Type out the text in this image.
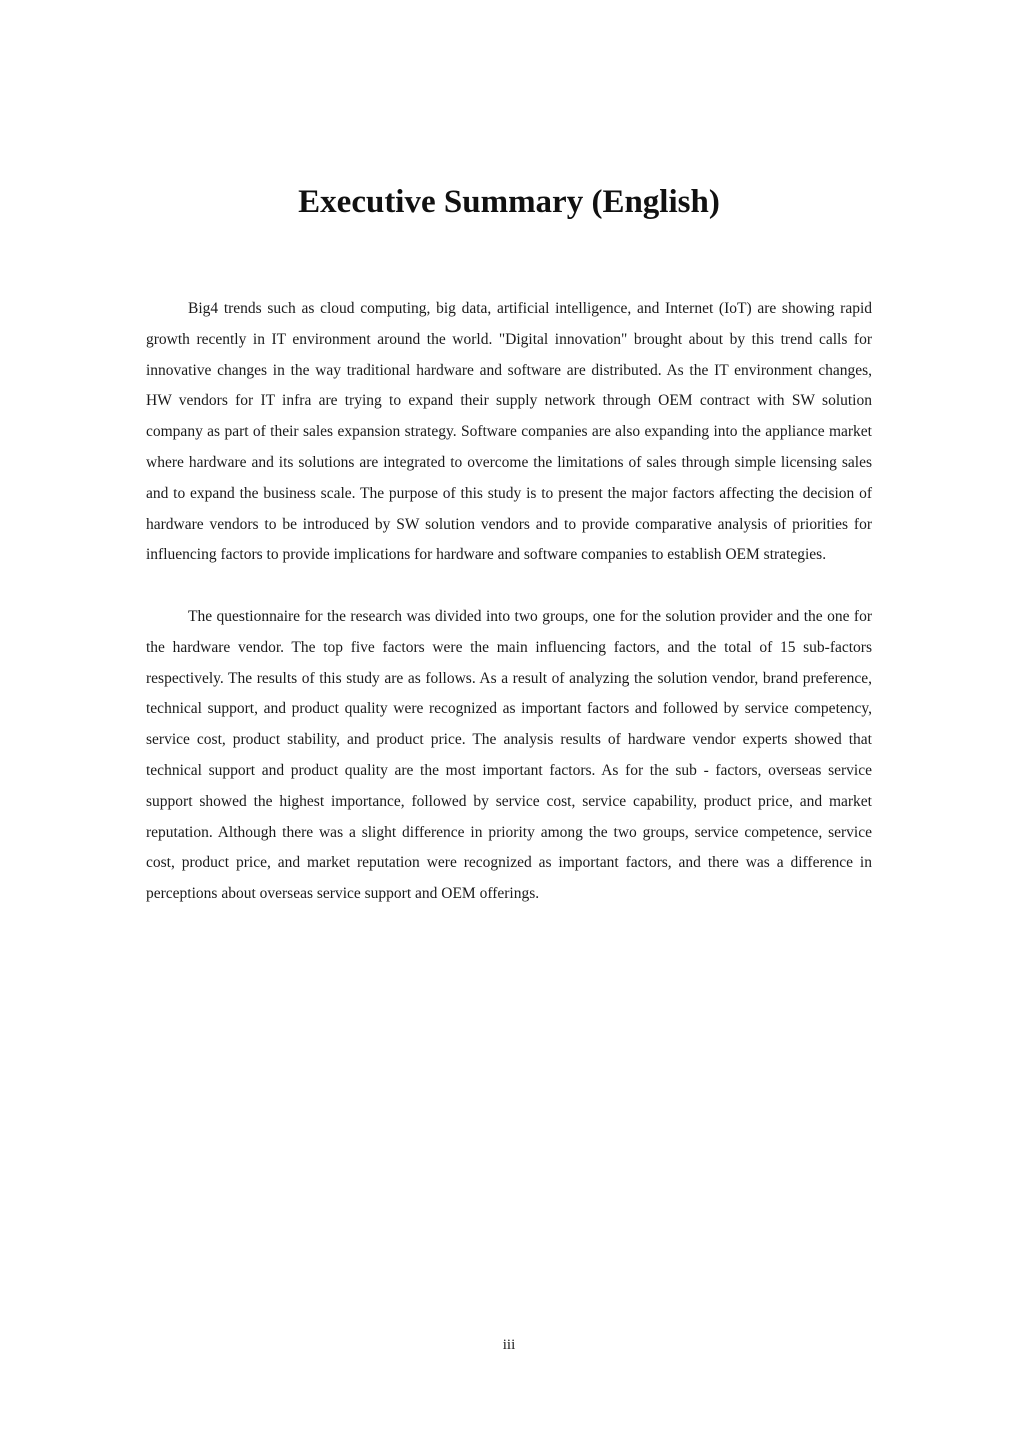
Executive Summary (English)

Big4 trends such as cloud computing, big data, artificial intelligence, and Internet (IoT) are showing rapid growth recently in IT environment around the world. "Digital innovation" brought about by this trend calls for innovative changes in the way traditional hardware and software are distributed. As the IT environment changes, HW vendors for IT infra are trying to expand their supply network through OEM contract with SW solution company as part of their sales expansion strategy. Software companies are also expanding into the appliance market where hardware and its solutions are integrated to overcome the limitations of sales through simple licensing sales and to expand the business scale. The purpose of this study is to present the major factors affecting the decision of hardware vendors to be introduced by SW solution vendors and to provide comparative analysis of priorities for influencing factors to provide implications for hardware and software companies to establish OEM strategies.

The questionnaire for the research was divided into two groups, one for the solution provider and the one for the hardware vendor. The top five factors were the main influencing factors, and the total of 15 sub-factors respectively. The results of this study are as follows. As a result of analyzing the solution vendor, brand preference, technical support, and product quality were recognized as important factors and followed by service competency, service cost, product stability, and product price. The analysis results of hardware vendor experts showed that technical support and product quality are the most important factors. As for the sub - factors, overseas service support showed the highest importance, followed by service cost, service capability, product price, and market reputation. Although there was a slight difference in priority among the two groups, service competence, service cost, product price, and market reputation were recognized as important factors, and there was a difference in perceptions about overseas service support and OEM offerings.

iii
